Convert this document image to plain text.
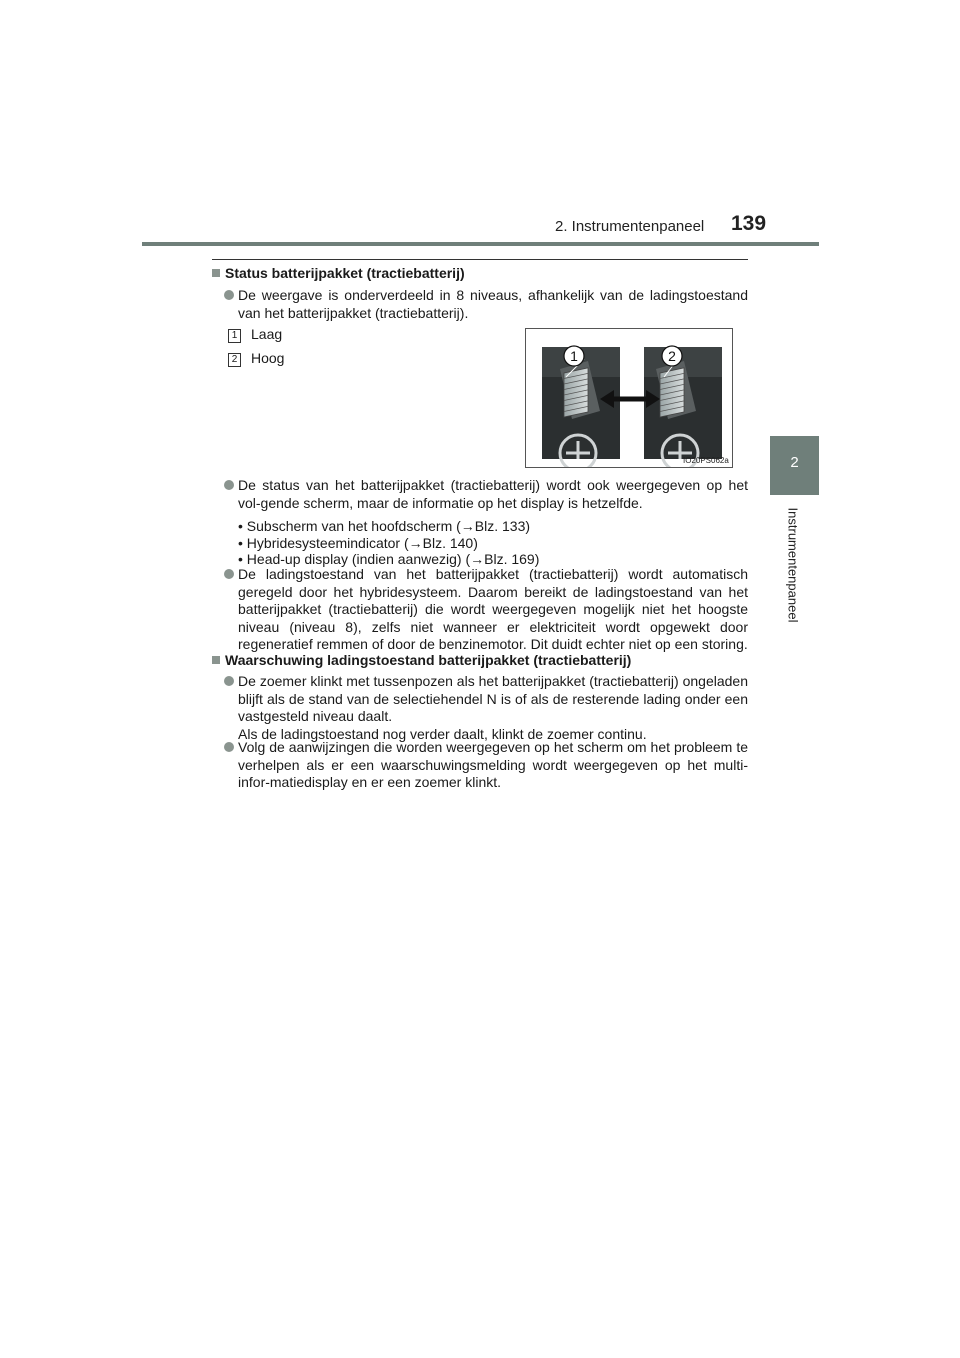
2. Instrumentenpaneel 139
2
Instrumentenpaneel
Status batterijpakket (tractiebatterij)

De weergave is onderverdeeld in 8 niveaus, afhankelijk van de ladingstoestand van het batterijpakket (tractiebatterij).

1 Laag
2 Hoog	1	2
IO20PS062a

De status van het batterijpakket (tractiebatterij) wordt ook weergegeven op het vol-gende scherm, maar de informatie op het display is hetzelfde.

• Subscherm van het hoofdscherm (→Blz. 133)
• Hybridesysteemindicator (→Blz. 140)
• Head-up display (indien aanwezig) (→Blz. 169)

De ladingstoestand van het batterijpakket (tractiebatterij) wordt automatisch geregeld door het hybridesysteem. Daarom bereikt de ladingstoestand van het batterijpakket (tractiebatterij) die wordt weergegeven mogelijk niet het hoogste niveau (niveau 8), zelfs niet wanneer er elektriciteit wordt opgewekt door regeneratief remmen of door de benzinemotor. Dit duidt echter niet op een storing.

Waarschuwing ladingstoestand batterijpakket (tractiebatterij)

De zoemer klinkt met tussenpozen als het batterijpakket (tractiebatterij) ongeladen blijft als de stand van de selectiehendel N is of als de resterende lading onder een vastgesteld niveau daalt.

Als de ladingstoestand nog verder daalt, klinkt de zoemer continu.

Volg de aanwijzingen die worden weergegeven op het scherm om het probleem te verhelpen als er een waarschuwingsmelding wordt weergegeven op het multi-infor-matiedisplay en er een zoemer klinkt.
